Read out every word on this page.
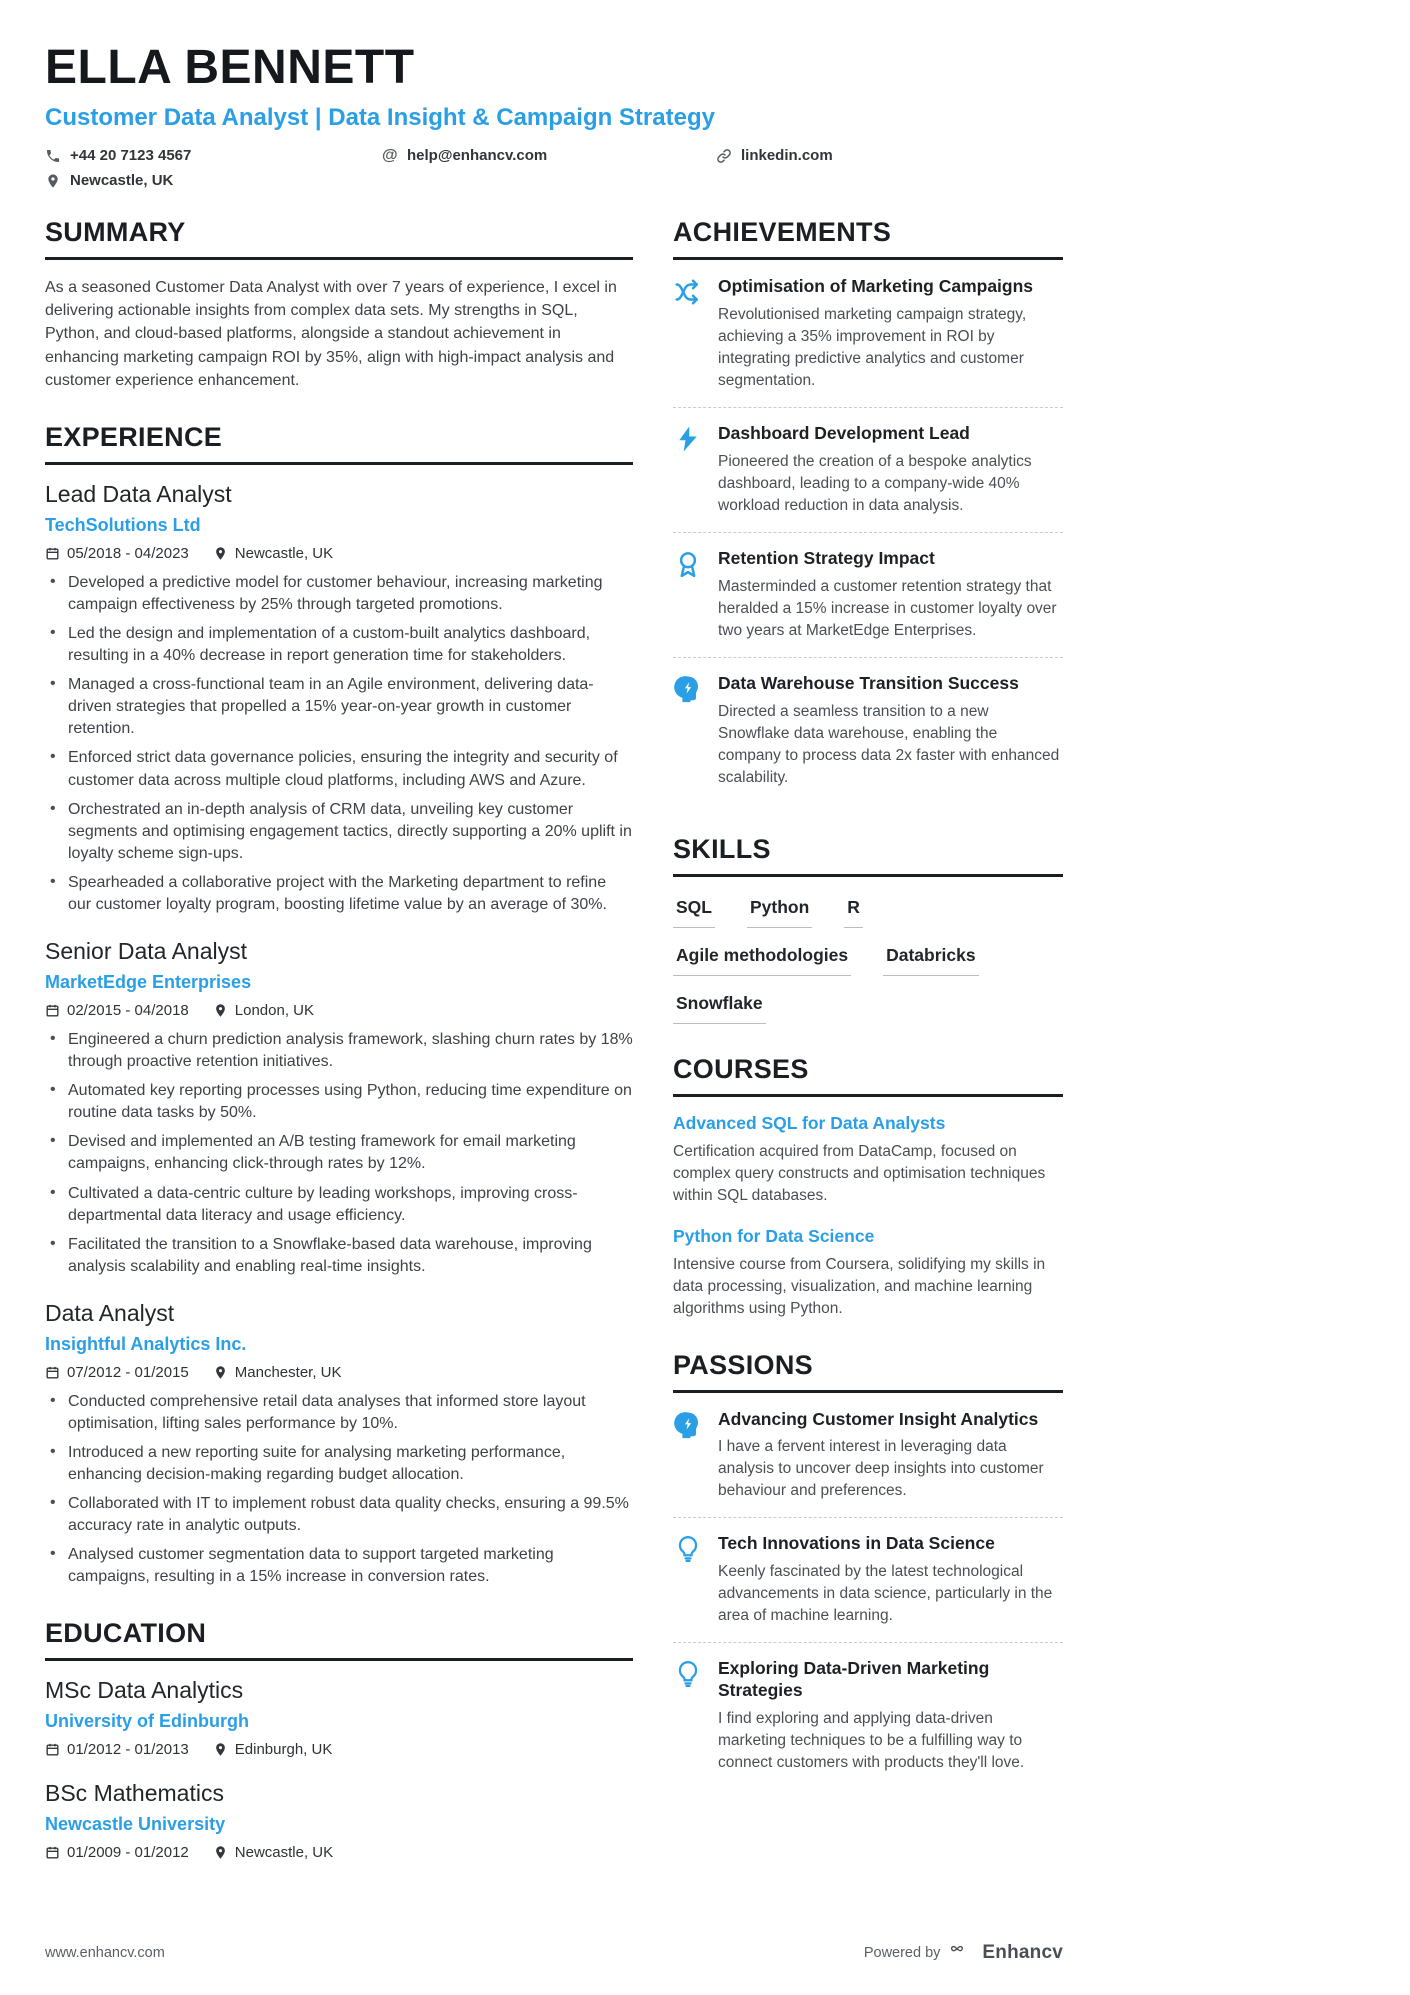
ELLA BENNETT
Customer Data Analyst | Data Insight & Campaign Strategy
+44 20 7123 4567	@ help@enhancv.com	linkedin.com
Newcastle, UK
SUMMARY

As a seasoned Customer Data Analyst with over 7 years of experience, I excel in delivering actionable insights from complex data sets. My strengths in SQL, Python, and cloud-based platforms, alongside a standout achievement in enhancing marketing campaign ROI by 35%, align with high-impact analysis and customer experience enhancement.

EXPERIENCE
Lead Data Analyst
TechSolutions Ltd
05/2018 - 04/2023	Newcastle, UK
• Developed a predictive model for customer behaviour, increasing marketing campaign effectiveness by 25% through targeted promotions.
• Led the design and implementation of a custom-built analytics dashboard, resulting in a 40% decrease in report generation time for stakeholders.
• Managed a cross-functional team in an Agile environment, delivering data-driven strategies that propelled a 15% year-on-year growth in customer retention.
• Enforced strict data governance policies, ensuring the integrity and security of customer data across multiple cloud platforms, including AWS and Azure.
• Orchestrated an in-depth analysis of CRM data, unveiling key customer segments and optimising engagement tactics, directly supporting a 20% uplift in loyalty scheme sign-ups.
• Spearheaded a collaborative project with the Marketing department to refine our customer loyalty program, boosting lifetime value by an average of 30%.
Senior Data Analyst
MarketEdge Enterprises
02/2015 - 04/2018	London, UK
• Engineered a churn prediction analysis framework, slashing churn rates by 18% through proactive retention initiatives.
• Automated key reporting processes using Python, reducing time expenditure on routine data tasks by 50%.
• Devised and implemented an A/B testing framework for email marketing campaigns, enhancing click-through rates by 12%.
• Cultivated a data-centric culture by leading workshops, improving cross-departmental data literacy and usage efficiency.
• Facilitated the transition to a Snowflake-based data warehouse, improving analysis scalability and enabling real-time insights.
Data Analyst
Insightful Analytics Inc.
07/2012 - 01/2015	Manchester, UK
• Conducted comprehensive retail data analyses that informed store layout optimisation, lifting sales performance by 10%.
• Introduced a new reporting suite for analysing marketing performance, enhancing decision-making regarding budget allocation.
• Collaborated with IT to implement robust data quality checks, ensuring a 99.5% accuracy rate in analytic outputs.
• Analysed customer segmentation data to support targeted marketing campaigns, resulting in a 15% increase in conversion rates.
EDUCATION
MSc Data Analytics
University of Edinburgh
01/2012 - 01/2013	Edinburgh, UK
BSc Mathematics
Newcastle University
01/2009 - 01/2012	Newcastle, UK
ACHIEVEMENTS
Optimisation of Marketing Campaigns

Revolutionised marketing campaign strategy, achieving a 35% improvement in ROI by integrating predictive analytics and customer segmentation.

Dashboard Development Lead

Pioneered the creation of a bespoke analytics dashboard, leading to a company-wide 40% workload reduction in data analysis.

Retention Strategy Impact

Masterminded a customer retention strategy that heralded a 15% increase in customer loyalty over two years at MarketEdge Enterprises.

Data Warehouse Transition Success

Directed a seamless transition to a new Snowflake data warehouse, enabling the company to process data 2x faster with enhanced scalability.

SKILLS
SQL Python R
Agile methodologies Databricks
Snowflake
COURSES
Advanced SQL for Data Analysts

Certification acquired from DataCamp, focused on complex query constructs and optimisation techniques within SQL databases.

Python for Data Science

Intensive course from Coursera, solidifying my skills in data processing, visualization, and machine learning algorithms using Python.

PASSIONS
Advancing Customer Insight Analytics

I have a fervent interest in leveraging data analysis to uncover deep insights into customer behaviour and preferences.

Tech Innovations in Data Science

Keenly fascinated by the latest technological advancements in data science, particularly in the area of machine learning.

Exploring Data-Driven Marketing Strategies

I find exploring and applying data-driven marketing techniques to be a fulfilling way to connect customers with products they'll love.

www.enhancv.com	Powered by Enhancv
